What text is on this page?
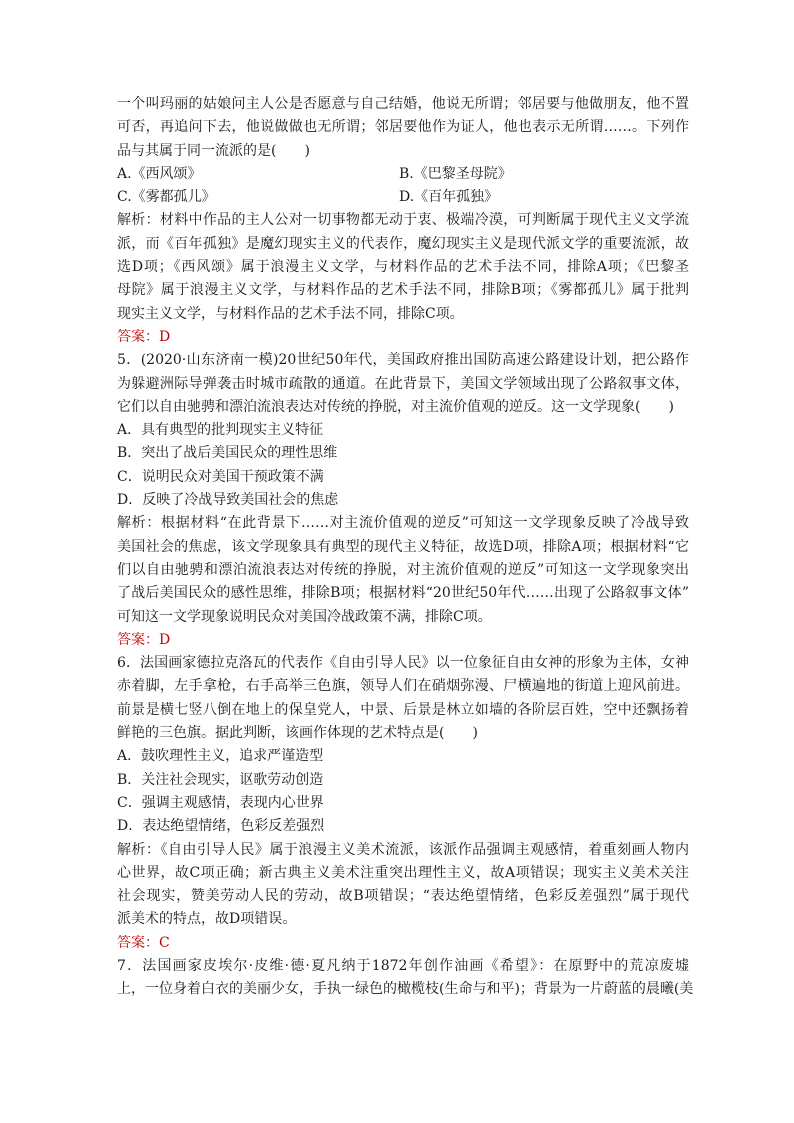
一个叫玛丽的姑娘问主人公是否愿意与自己结婚，他说无所谓；邻居要与他做朋友，他不置
可否，再追问下去，他说做做也无所谓；邻居要他作为证人，他也表示无所谓……。下列作
品与其属于同一流派的是(　　)
A.《西风颂》	B.《巴黎圣母院》
C.《雾都孤儿》	D.《百年孤独》
解析：材料中作品的主人公对一切事物都无动于衷、极端冷漠，可判断属于现代主义文学流
派，而《百年孤独》是魔幻现实主义的代表作，魔幻现实主义是现代派文学的重要流派，故
选D项；《西风颂》属于浪漫主义文学，与材料作品的艺术手法不同，排除A项；《巴黎圣
母院》属于浪漫主义文学，与材料作品的艺术手法不同，排除B项；《雾都孤儿》属于批判
现实主义文学，与材料作品的艺术手法不同，排除C项。
答案：D
5．(2020·山东济南一模)20世纪50年代，美国政府推出国防高速公路建设计划，把公路作
为躲避洲际导弹袭击时城市疏散的通道。在此背景下，美国文学领域出现了公路叙事文体，
它们以自由驰骋和漂泊流浪表达对传统的挣脱，对主流价值观的逆反。这一文学现象(　　)
A．具有典型的批判现实主义特征
B．突出了战后美国民众的理性思维
C．说明民众对美国干预政策不满
D．反映了冷战导致美国社会的焦虑
解析：根据材料“在此背景下……对主流价值观的逆反”可知这一文学现象反映了冷战导致
美国社会的焦虑，该文学现象具有典型的现代主义特征，故选D项，排除A项；根据材料“它
们以自由驰骋和漂泊流浪表达对传统的挣脱，对主流价值观的逆反”可知这一文学现象突出
了战后美国民众的感性思维，排除B项；根据材料“20世纪50年代……出现了公路叙事文体”
可知这一文学现象说明民众对美国冷战政策不满，排除C项。
答案：D
6．法国画家德拉克洛瓦的代表作《自由引导人民》以一位象征自由女神的形象为主体，女神
赤着脚，左手拿枪，右手高举三色旗，领导人们在硝烟弥漫、尸横遍地的街道上迎风前进。
前景是横七竖八倒在地上的保皇党人，中景、后景是林立如墙的各阶层百姓，空中还飘扬着
鲜艳的三色旗。据此判断，该画作体现的艺术特点是(　　)
A．鼓吹理性主义，追求严谨造型
B．关注社会现实，讴歌劳动创造
C．强调主观感情，表现内心世界
D．表达绝望情绪，色彩反差强烈
解析：《自由引导人民》属于浪漫主义美术流派，该派作品强调主观感情，着重刻画人物内
心世界，故C项正确；新古典主义美术注重突出理性主义，故A项错误；现实主义美术关注
社会现实，赞美劳动人民的劳动，故B项错误；“表达绝望情绪，色彩反差强烈”属于现代
派美术的特点，故D项错误。
答案：C
7．法国画家皮埃尔·皮维·德·夏凡纳于1872年创作油画《希望》：在原野中的荒凉废墟
上，一位身着白衣的美丽少女，手执一绿色的橄榄枝(生命与和平)；背景为一片蔚蓝的晨曦(美
